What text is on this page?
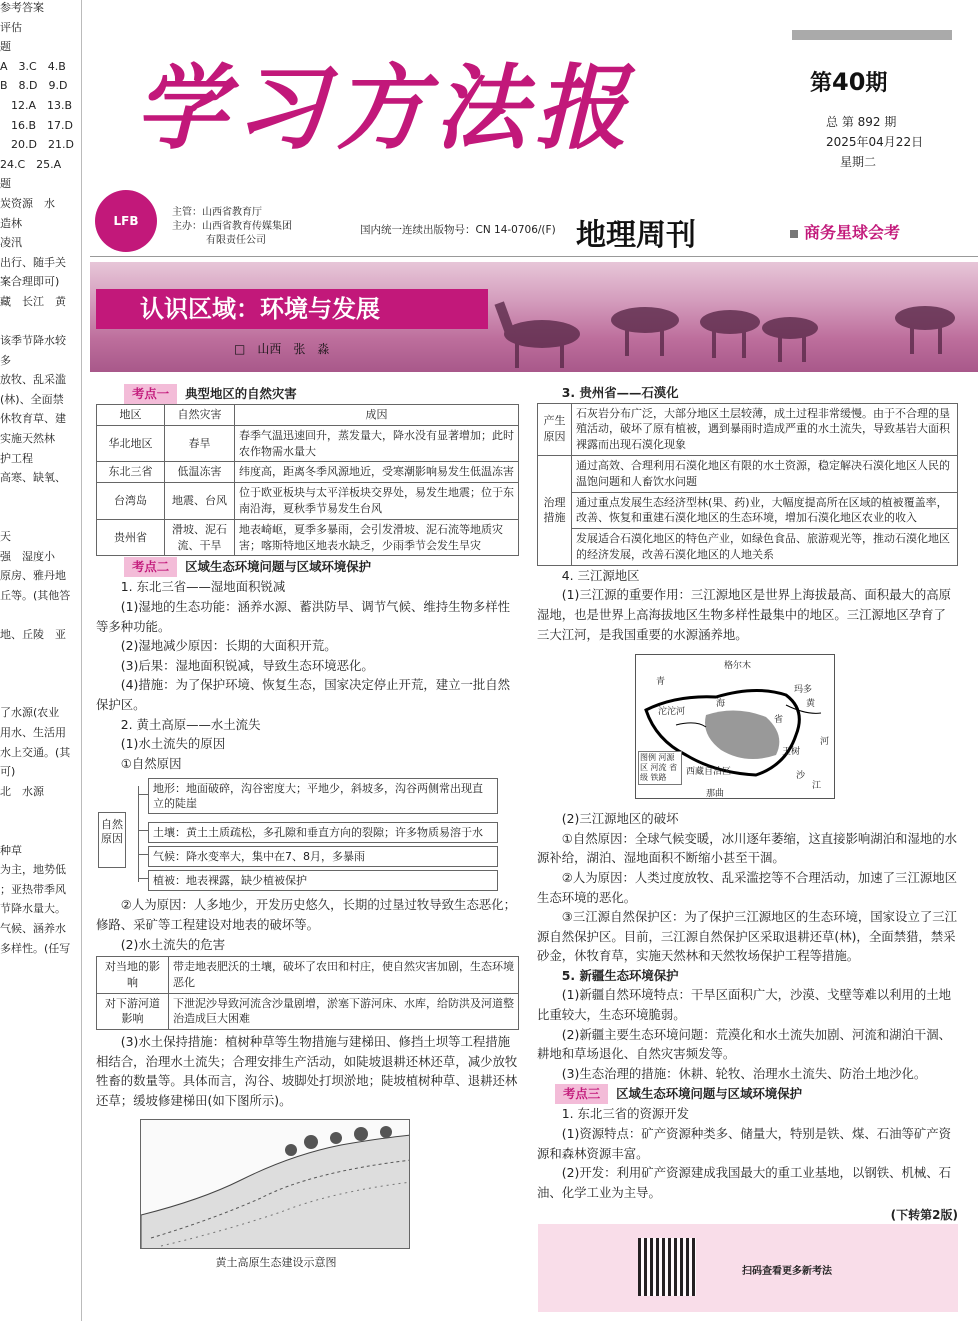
参考答案
评估
题
A　3.C　4.B
B　8.D　9.D
　12.A　13.B
　16.B　17.D
　20.D　21.D
24.C　25.A
题
炭资源　水
造林
凌汛
出行、随手关
案合理即可)
藏　长江　黄
该季节降水较
多
放牧、乱采滥
(林)、全面禁
休牧育草、建
实施天然林
护工程
高寒、缺氧、
天
强　湿度小
原房、雅丹地
丘等。(其他答
地、丘陵　亚
了水源(农业
用水、生活用
水上交通。(其
可)
北　水源
种草
为主，地势低
；亚热带季风
节降水量大。
气候、涵养水
多样性。(任写
学习方法报	第40期
总 第 892 期
2025年04月22日
星期二
LFB
主管：山西省教育厅
主办：山西省教育传媒集团
有限责任公司
国内统一连续出版物号：CN 14-0706/(F) 地理周刊	商务星球会考
认识区域：环境与发展
□　山西　张　淼
考点一 典型地区的自然灾害
地区	自然灾害	成因
华北地区	春旱	春季气温迅速回升，蒸发量大，降水没有显著增加；此时农作物需水量大
东北三省	低温冻害	纬度高，距离冬季风源地近，受寒潮影响易发生低温冻害
台湾岛	地震、台风	位于欧亚板块与太平洋板块交界处，易发生地震；位于东南沿海，夏秋季节易发生台风
贵州省	滑坡、泥石流、干旱	地表崎岖，夏季多暴雨，会引发滑坡、泥石流等地质灾害；喀斯特地区地表水缺乏，少雨季节会发生旱灾
考点二 区域生态环境问题与区域环境保护
1. 东北三省——湿地面积锐减
(1)湿地的生态功能：涵养水源、蓄洪防旱、调节气候、维持生物多样性等多种功能。
(2)湿地减少原因：长期的大面积开荒。
(3)后果：湿地面积锐减，导致生态环境恶化。
(4)措施：为了保护环境、恢复生态，国家决定停止开荒，建立一批自然保护区。
2. 黄土高原——水土流失
(1)水土流失的原因
①自然原因
自然原因
地形：地面破碎，沟谷密度大；平地少，斜坡多，沟谷两侧常出现直立的陡崖
土壤：黄土土质疏松，多孔隙和垂直方向的裂隙；许多物质易溶于水
气候：降水变率大，集中在7、8月，多暴雨
植被：地表裸露，缺少植被保护
②人为原因：人多地少，开发历史悠久，长期的过垦过牧导致生态恶化；修路、采矿等工程建设对地表的破坏等。
(2)水土流失的危害
对当地的影响	带走地表肥沃的土壤，破坏了农田和村庄，使自然灾害加剧，生态环境恶化
对下游河道影响	下泄泥沙导致河流含沙量剧增，淤塞下游河床、水库，给防洪及河道整治造成巨大困难
(3)水土保持措施：植树种草等生物措施与建梯田、修挡土坝等工程措施相结合，治理水土流失；合理安排生产活动，如陡坡退耕还林还草，减少放牧牲畜的数量等。具体而言，沟谷、坡脚处打坝淤地；陡坡植树种草、退耕还林还草；缓坡修建梯田(如下图所示)。
黄土高原生态建设示意图
3. 贵州省——石漠化
产生原因	石灰岩分布广泛，大部分地区土层较薄，成土过程非常缓慢。由于不合理的垦殖活动，破坏了原有植被，遇到暴雨时造成严重的水土流失，导致基岩大面积裸露而出现石漠化现象
治理措施	通过高效、合理利用石漠化地区有限的水土资源，稳定解决石漠化地区人民的温饱问题和人畜饮水问题
	通过重点发展生态经济型林(果、药)业，大幅度提高所在区域的植被覆盖率，改善、恢复和重建石漠化地区的生态环境，增加石漠化地区农业的收入
	发展适合石漠化地区的特色产业，如绿色食品、旅游观光等，推动石漠化地区的经济发展，改善石漠化地区的人地关系
4. 三江源地区
(1)三江源的重要作用：三江源地区是世界上海拔最高、面积最大的高原湿地，也是世界上高海拔地区生物多样性最集中的地区。三江源地区孕育了三大江河，是我国重要的水源涵养地。
格尔木
青
海
沱沱河
西藏自治区
玛多
那曲
玉树
省
黄
河
沙
江
图例 河源区 河流 省级 铁路
(2)三江源地区的破坏
①自然原因：全球气候变暖，冰川逐年萎缩，这直接影响湖泊和湿地的水源补给，湖泊、湿地面积不断缩小甚至干涸。
②人为原因：人类过度放牧、乱采滥挖等不合理活动，加速了三江源地区生态环境的恶化。
③三江源自然保护区：为了保护三江源地区的生态环境，国家设立了三江源自然保护区。目前，三江源自然保护区采取退耕还草(林)，全面禁猎，禁采砂金，休牧育草，实施天然林和天然牧场保护工程等措施。
5. 新疆生态环境保护
(1)新疆自然环境特点：干旱区面积广大，沙漠、戈壁等难以利用的土地比重较大，生态环境脆弱。
(2)新疆主要生态环境问题：荒漠化和水土流失加剧、河流和湖泊干涸、耕地和草场退化、自然灾害频发等。
(3)生态治理的措施：休耕、轮牧、治理水土流失、防治土地沙化。
考点三 区域生态环境问题与区域环境保护
1. 东北三省的资源开发
(1)资源特点：矿产资源种类多、储量大，特别是铁、煤、石油等矿产资源和森林资源丰富。
(2)开发：利用矿产资源建成我国最大的重工业基地，以钢铁、机械、石油、化学工业为主导。
(下转第2版)
扫码查看更多新考法
